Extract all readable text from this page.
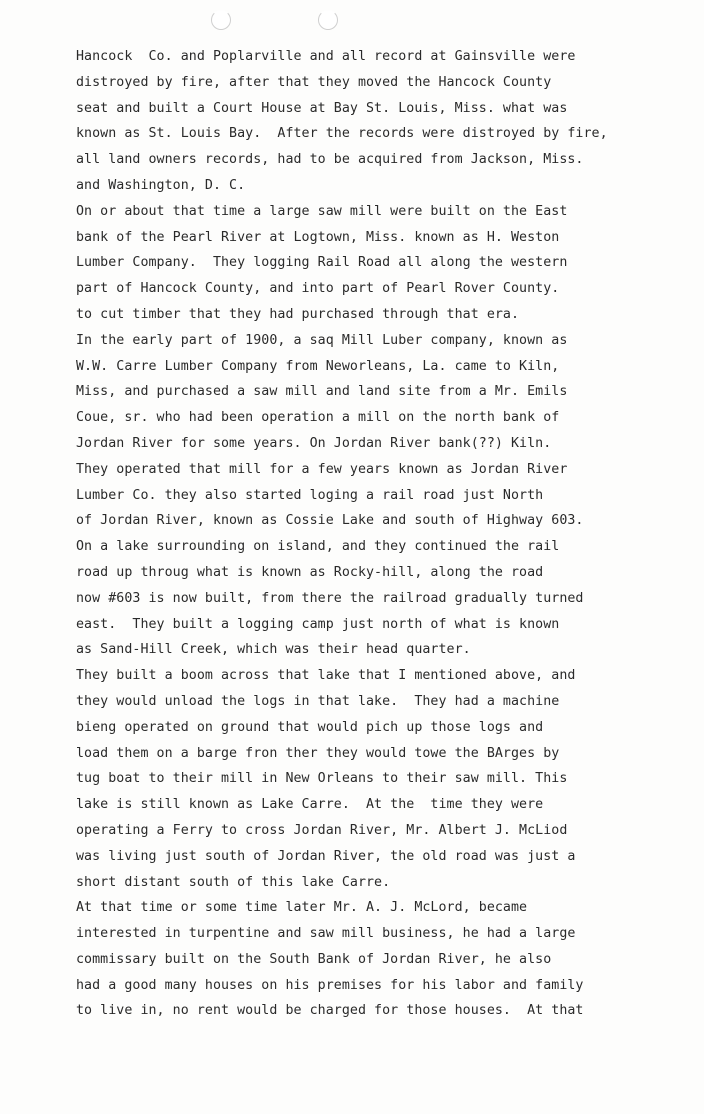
Hancock  Co. and Poplarville and all record at Gainsville were
distroyed by fire, after that they moved the Hancock County
seat and built a Court House at Bay St. Louis, Miss. what was
known as St. Louis Bay.  After the records were distroyed by fire,
all land owners records, had to be acquired from Jackson, Miss.
and Washington, D. C.
On or about that time a large saw mill were built on the East
bank of the Pearl River at Logtown, Miss. known as H. Weston
Lumber Company.  They logging Rail Road all along the western
part of Hancock County, and into part of Pearl Rover County.
to cut timber that they had purchased through that era.
In the early part of 1900, a saq Mill Luber company, known as
W.W. Carre Lumber Company from Neworleans, La. came to Kiln,
Miss, and purchased a saw mill and land site from a Mr. Emils
Coue, sr. who had been operation a mill on the north bank of
Jordan River for some years. On Jordan River bank(??) Kiln.
They operated that mill for a few years known as Jordan River
Lumber Co. they also started loging a rail road just North
of Jordan River, known as Cossie Lake and south of Highway 603.
On a lake surrounding on island, and they continued the rail
road up throug what is known as Rocky-hill, along the road
now #603 is now built, from there the railroad gradually turned
east.  They built a logging camp just north of what is known
as Sand-Hill Creek, which was their head quarter.
They built a boom across that lake that I mentioned above, and
they would unload the logs in that lake.  They had a machine
bieng operated on ground that would pich up those logs and
load them on a barge fron ther they would towe the BArges by
tug boat to their mill in New Orleans to their saw mill. This
lake is still known as Lake Carre.  At the  time they were
operating a Ferry to cross Jordan River, Mr. Albert J. McLiod
was living just south of Jordan River, the old road was just a
short distant south of this lake Carre.
At that time or some time later Mr. A. J. McLord, became
interested in turpentine and saw mill business, he had a large
commissary built on the South Bank of Jordan River, he also
had a good many houses on his premises for his labor and family
to live in, no rent would be charged for those houses.  At that
